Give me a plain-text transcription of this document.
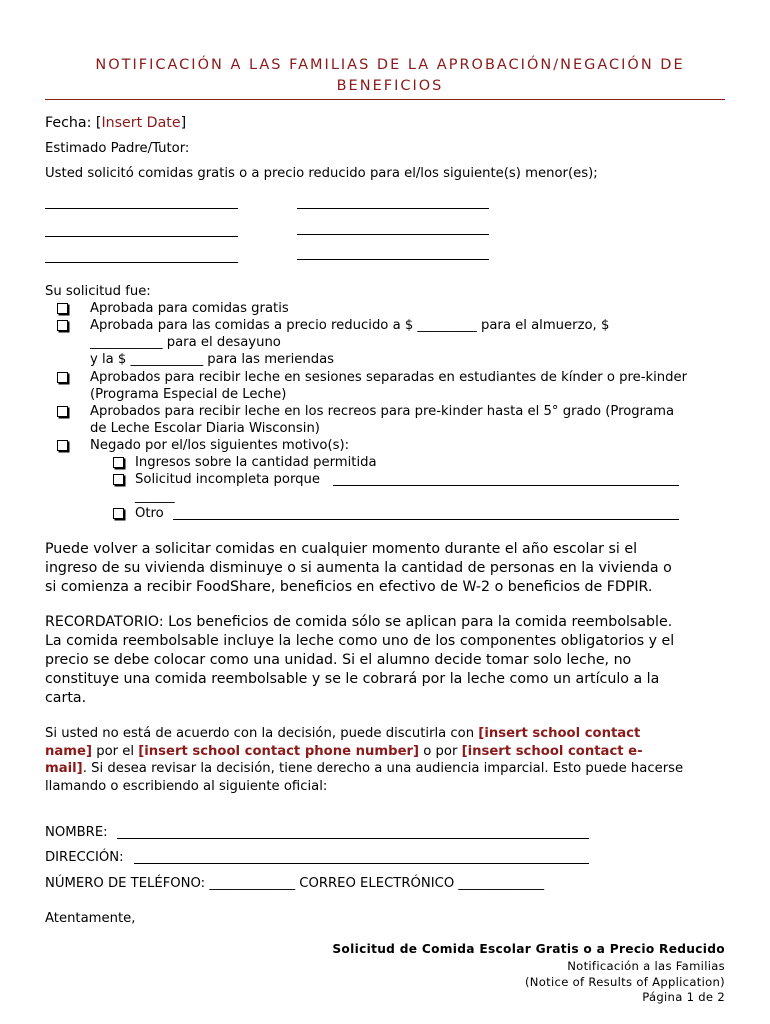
NOTIFICACIÓN A LAS FAMILIAS DE LA APROBACIÓN/NEGACIÓN DE
BENEFICIOS
Fecha: [Insert Date]
Estimado Padre/Tutor:
Usted solicitó comidas gratis o a precio reducido para el/los siguiente(s) menor(es);
Su solicitud fue:
Aprobada para comidas gratis
Aprobada para las comidas a precio reducido a $ _________ para el almuerzo, $
___________ para el desayuno
y la $ ___________ para las meriendas
Aprobados para recibir leche en sesiones separadas en estudiantes de kínder o pre-kinder
(Programa Especial de Leche)
Aprobados para recibir leche en los recreos para pre-kinder hasta el 5° grado (Programa
de Leche Escolar Diaria Wisconsin)
Negado por el/los siguientes motivo(s):
Ingresos sobre la cantidad permitida
Solicitud incompleta porque
______
Otro
Puede volver a solicitar comidas en cualquier momento durante el año escolar si el
ingreso de su vivienda disminuye o si aumenta la cantidad de personas en la vivienda o
si comienza a recibir FoodShare, beneficios en efectivo de W-2 o beneficios de FDPIR.
RECORDATORIO: Los beneficios de comida sólo se aplican para la comida reembolsable.
La comida reembolsable incluye la leche como uno de los componentes obligatorios y el
precio se debe colocar como una unidad. Si el alumno decide tomar solo leche, no
constituye una comida reembolsable y se le cobrará por la leche como un artículo a la
carta.
Si usted no está de acuerdo con la decisión, puede discutirla con [insert school contact
name] por el [insert school contact phone number] o por [insert school contact e-
mail]. Si desea revisar la decisión, tiene derecho a una audiencia imparcial. Esto puede hacerse
llamando o escribiendo al siguiente oficial:
NOMBRE:
DIRECCIÓN:
NÚMERO DE TELÉFONO: _____________ CORREO ELECTRÓNICO _____________
Atentamente,
Solicitud de Comida Escolar Gratis o a Precio Reducido
Notificación a las Familias
(Notice of Results of Application)
Página 1 de 2
